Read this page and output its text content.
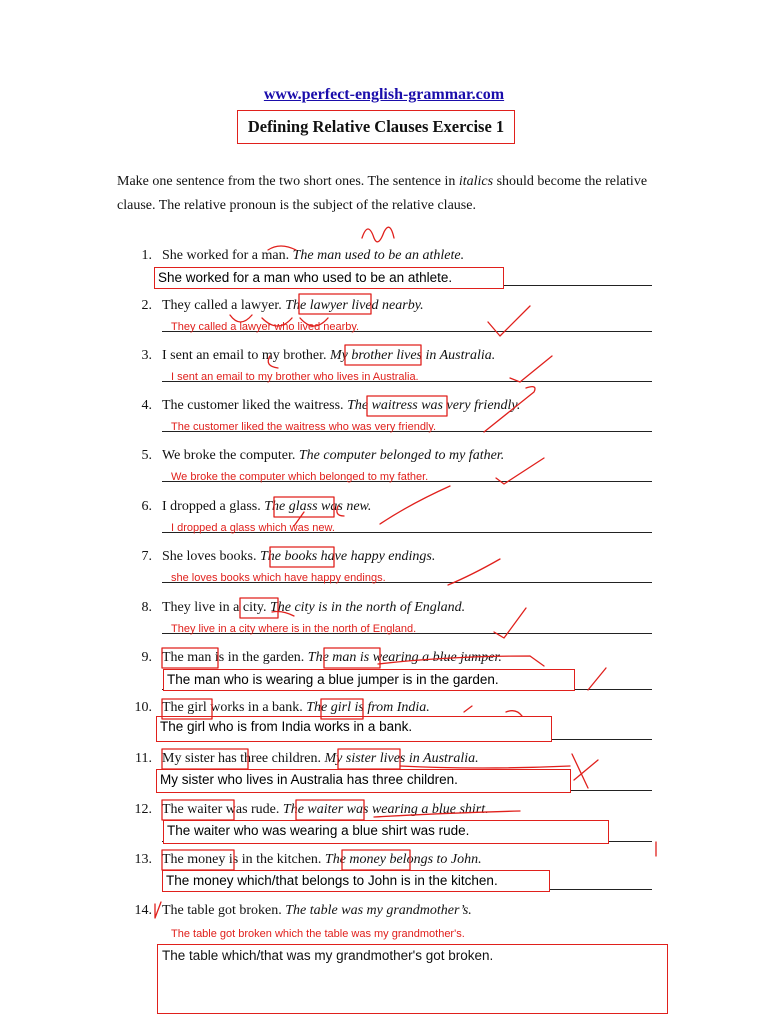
www.perfect-english-grammar.com
Defining Relative Clauses Exercise 1
Make one sentence from the two short ones. The sentence in italics should become the relative clause. The relative pronoun is the subject of the relative clause.
1. She worked for a man. The man used to be an athlete.
She worked for a man who used to be an athlete.
2. They called a lawyer. The lawyer lived nearby.
They called a lawyer who lived nearby.
3. I sent an email to my brother. My brother lives in Australia.
I sent an email to my brother who lives in Australia.
4. The customer liked the waitress. The waitress was very friendly.
The customer liked the waitress who was very friendly.
5. We broke the computer. The computer belonged to my father.
We broke the computer which belonged to my father.
6. I dropped a glass. The glass was new.
I dropped a glass which was new.
7. She loves books. The books have happy endings.
she loves books which have happy endings.
8. They live in a city. The city is in the north of England.
They live in a city where is in the north of England.
9. The man is in the garden. The man is wearing a blue jumper.
The man who is wearing a blue jumper is in the garden.
10. The girl works in a bank. The girl is from India.
The girl who is from India works in a bank.
11. My sister has three children. My sister lives in Australia.
My sister who lives in Australia has three children.
12. The waiter was rude. The waiter was wearing a blue shirt.
The waiter who was wearing a blue shirt was rude.
13. The money is in the kitchen. The money belongs to John.
The money which/that belongs to John is in the kitchen.
14. The table got broken. The table was my grandmother’s.
The table got broken which the table was my grandmother's.
The table which/that was my grandmother's got broken.
